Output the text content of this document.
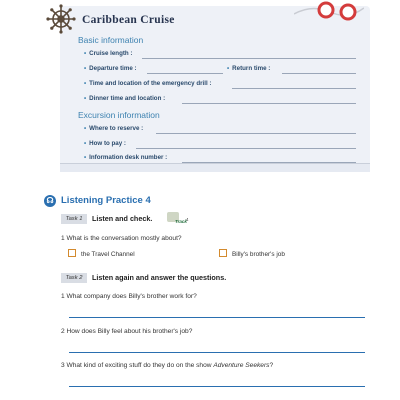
Caribbean Cruise
Basic information
• Cruise length :
• Departure time :
•	Return time :
• Time and location of the emergency drill :
• Dinner time and location :
Excursion information
• Where to reserve :
• How to pay :
• Information desk number :
☊ Listening Practice 4
Task 1	Listen and check.	Track 4
1 What is the conversation mostly about?
the Travel Channel	Billy's brother's job
Task 2	Listen again and answer the questions.
1 What company does Billy's brother work for?
2 How does Billy feel about his brother's job?
3 What kind of exciting stuff do they do on the show Adventure Seekers?
